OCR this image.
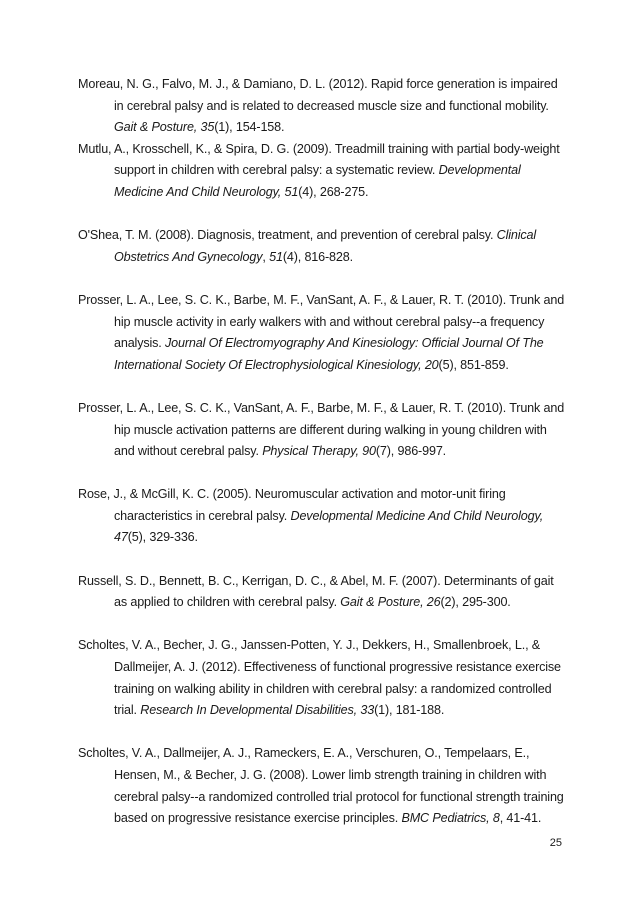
Moreau, N. G., Falvo, M. J., & Damiano, D. L. (2012). Rapid force generation is impaired in cerebral palsy and is related to decreased muscle size and functional mobility. Gait & Posture, 35(1), 154-158.

Mutlu, A., Krosschell, K., & Spira, D. G. (2009). Treadmill training with partial body-weight support in children with cerebral palsy: a systematic review. Developmental Medicine And Child Neurology, 51(4), 268-275.

O'Shea, T. M. (2008). Diagnosis, treatment, and prevention of cerebral palsy. Clinical Obstetrics And Gynecology, 51(4), 816-828.

Prosser, L. A., Lee, S. C. K., Barbe, M. F., VanSant, A. F., & Lauer, R. T. (2010). Trunk and hip muscle activity in early walkers with and without cerebral palsy--a frequency analysis. Journal Of Electromyography And Kinesiology: Official Journal Of The International Society Of Electrophysiological Kinesiology, 20(5), 851-859.

Prosser, L. A., Lee, S. C. K., VanSant, A. F., Barbe, M. F., & Lauer, R. T. (2010). Trunk and hip muscle activation patterns are different during walking in young children with and without cerebral palsy. Physical Therapy, 90(7), 986-997.

Rose, J., & McGill, K. C. (2005). Neuromuscular activation and motor-unit firing characteristics in cerebral palsy. Developmental Medicine And Child Neurology, 47(5), 329-336.

Russell, S. D., Bennett, B. C., Kerrigan, D. C., & Abel, M. F. (2007). Determinants of gait as applied to children with cerebral palsy. Gait & Posture, 26(2), 295-300.

Scholtes, V. A., Becher, J. G., Janssen-Potten, Y. J., Dekkers, H., Smallenbroek, L., & Dallmeijer, A. J. (2012). Effectiveness of functional progressive resistance exercise training on walking ability in children with cerebral palsy: a randomized controlled trial. Research In Developmental Disabilities, 33(1), 181-188.

Scholtes, V. A., Dallmeijer, A. J., Rameckers, E. A., Verschuren, O., Tempelaars, E., Hensen, M., & Becher, J. G. (2008). Lower limb strength training in children with cerebral palsy--a randomized controlled trial protocol for functional strength training based on progressive resistance exercise principles. BMC Pediatrics, 8, 41-41.

25
